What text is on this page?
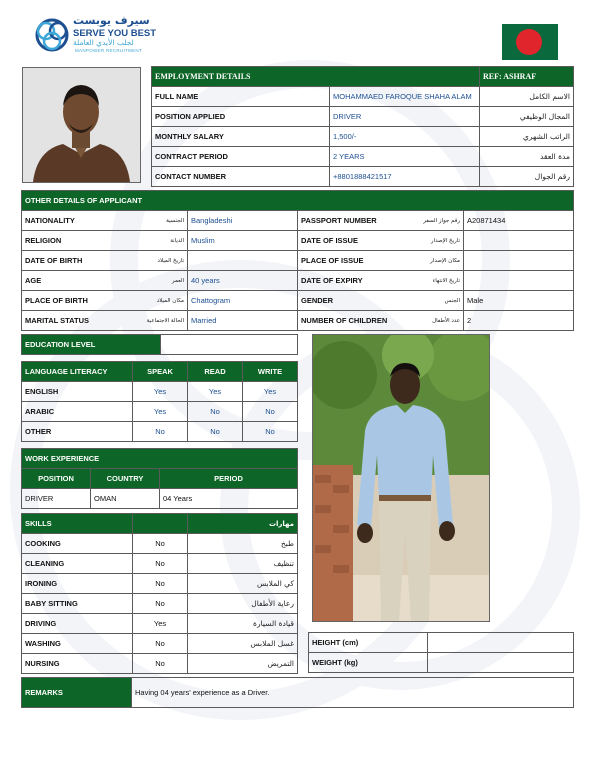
سيرف يوبست
SERVE YOU BEST
لجلب الأيدي العاملة
MANPOWER RECRUITMENT
EMPLOYMENT DETAILS		REF: ASHRAF
FULL NAME	MOHAMMAED FAROQUE SHAHA ALAM	الاسم الكامل
POSITION APPLIED	DRIVER	المجال الوظيفي
MONTHLY SALARY	1,500/-	الراتب الشهري
CONTRACT PERIOD	2 YEARS	مدة العقد
CONTACT NUMBER	+8801888421517	رقم الجوال
OTHER DETAILS OF APPLICANT			

NATIONALITY الجنسية	Bangladeshi	PASSPORT NUMBER رقم جواز السفر	A20871434

RELIGION الديانة	Muslim	DATE OF ISSUE تاريخ الإصدار	

DATE OF BIRTH تاريخ الميلاد		PLACE OF ISSUE مكان الإصدار	

AGE العمر	40 years	DATE OF EXPIRY تاريخ الانتهاء	

PLACE OF BIRTH مكان الميلاد	Chattogram	GENDER الجنس	Male

MARITAL STATUS الحالة الاجتماعية	Married	NUMBER OF CHILDREN عدد الأطفال	2
EDUCATION LEVEL	
LANGUAGE LITERACY	SPEAK	READ	WRITE
ENGLISH	Yes	Yes	Yes
ARABIC	Yes	No	No
OTHER	No	No	No
WORK EXPERIENCE		
POSITION	COUNTRY	PERIOD
DRIVER	OMAN	04 Years
SKILLS		مهارات
COOKING	No	طبخ
CLEANING	No	تنظيف
IRONING	No	كي الملابس
BABY SITTING	No	رعاية الأطفال
DRIVING	Yes	قيادة السيارة
WASHING	No	غسل الملابس
NURSING	No	التمريض
HEIGHT (cm)	
WEIGHT (kg)	
REMARKS	Having 04 years' experience as a Driver.
